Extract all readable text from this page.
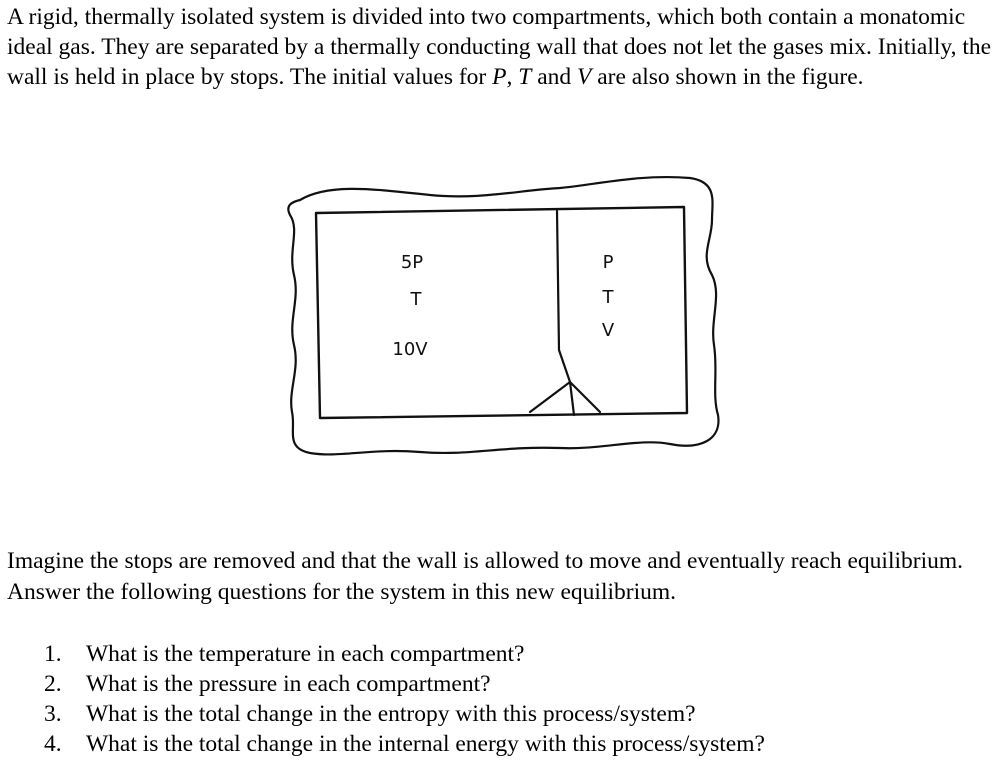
A rigid, thermally isolated system is divided into two compartments, which both contain a monatomic ideal gas. They are separated by a thermally conducting wall that does not let the gases mix. Initially, the wall is held in place by stops. The initial values for P, T and V are also shown in the figure.

5P
T
10V
P
T
V

Imagine the stops are removed and that the wall is allowed to move and eventually reach equilibrium. Answer the following questions for the system in this new equilibrium.

1.	What is the temperature in each compartment?
2.	What is the pressure in each compartment?
3.	What is the total change in the entropy with this process/system?
4.	What is the total change in the internal energy with this process/system?
